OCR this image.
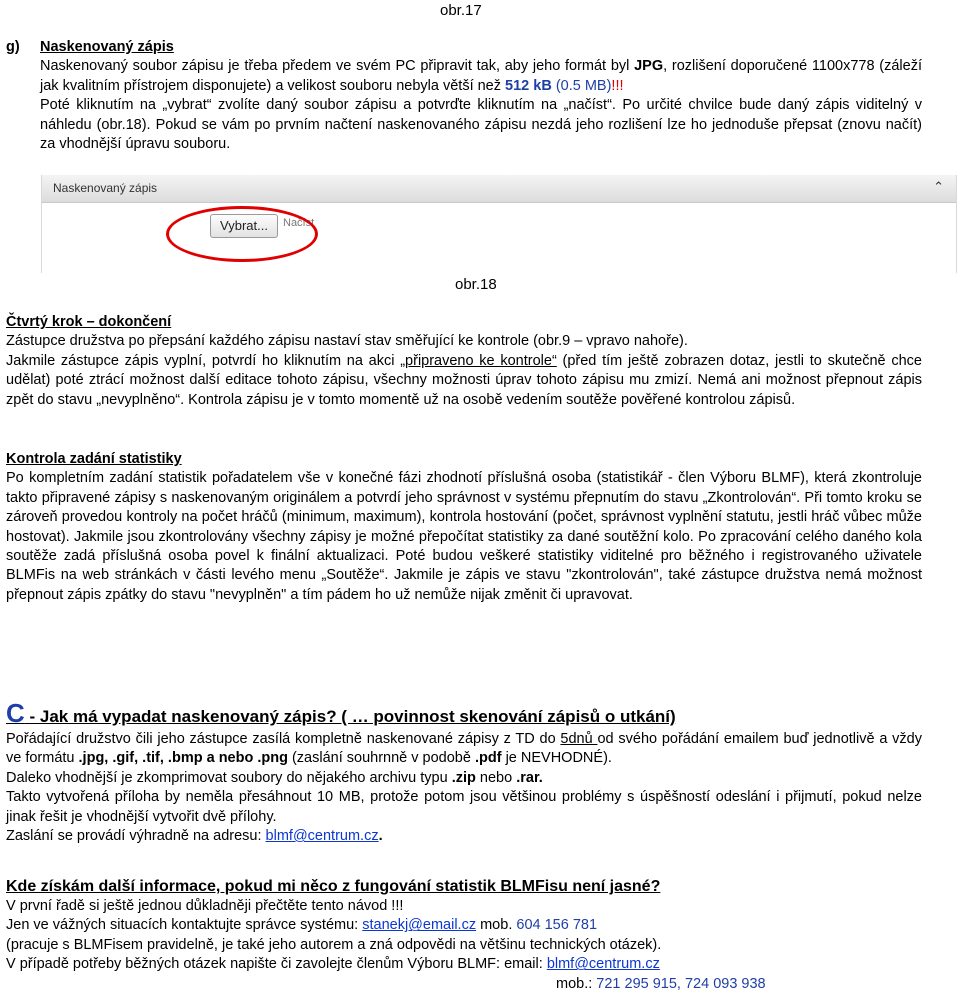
obr.17

g) Naskenovaný zápis

Naskenovaný soubor zápisu je třeba předem ve svém PC připravit tak, aby jeho formát byl JPG, rozlišení doporučené 1100x778 (záleží jak kvalitním přístrojem disponujete) a velikost souboru nebyla větší než 512 kB (0.5 MB)!!!

Poté kliknutím na „vybrat“ zvolíte daný soubor zápisu a potvrďte kliknutím na „načíst“. Po určité chvilce bude daný zápis viditelný v náhledu (obr.18). Pokud se vám po prvním načtení naskenovaného zápisu nezdá jeho rozlišení lze ho jednoduše přepsat (znovu načít) za vhodnější úpravu souboru.

Naskenovaný zápis	⌃
Vybrat...	Načíst
obr.18

Čtvrtý krok – dokončení

Zástupce družstva po přepsání každého zápisu nastaví stav směřující ke kontrole (obr.9 – vpravo nahoře).

Jakmile zástupce zápis vyplní, potvrdí ho kliknutím na akci „připraveno ke kontrole“ (před tím ještě zobrazen dotaz, jestli to skutečně chce udělat) poté ztrácí možnost další editace tohoto zápisu, všechny možnosti úprav tohoto zápisu mu zmizí. Nemá ani možnost přepnout zápis zpět do stavu „nevyplněno“. Kontrola zápisu je v tomto momentě už na osobě vedením soutěže pověřené kontrolou zápisů.

Kontrola zadání statistiky

Po kompletním zadání statistik pořadatelem vše v konečné fázi zhodnotí příslušná osoba (statistikář - člen Výboru BLMF), která zkontroluje takto připravené zápisy s naskenovaným originálem a potvrdí jeho správnost v systému přepnutím do stavu „Zkontrolován“. Při tomto kroku se zároveň provedou kontroly na počet hráčů (minimum, maximum), kontrola hostování (počet, správnost vyplnění statutu, jestli hráč vůbec může hostovat). Jakmile jsou zkontrolovány všechny zápisy je možné přepočítat statistiky za dané soutěžní kolo. Po zpracování celého daného kola soutěže zadá příslušná osoba povel k finální aktualizaci. Poté budou veškeré statistiky viditelné pro běžného i registrovaného uživatele BLMFis na web stránkách v části levého menu „Soutěže“. Jakmile je zápis ve stavu "zkontrolován", také zástupce družstva nemá možnost přepnout zápis zpátky do stavu "nevyplněn" a tím pádem ho už nemůže nijak změnit či upravovat.

C - Jak má vypadat naskenovaný zápis? ( … povinnost skenování zápisů o utkání)

Pořádající družstvo čili jeho zástupce zasílá kompletně naskenované zápisy z TD do 5dnů od svého pořádání emailem buď jednotlivě a vždy ve formátu .jpg, .gif, .tif, .bmp a nebo .png (zaslání souhrnně v podobě .pdf je NEVHODNÉ).

Daleko vhodnější je zkomprimovat soubory do nějakého archivu typu .zip nebo .rar.

Takto vytvořená příloha by neměla přesáhnout 10 MB, protože potom jsou většinou problémy s úspěšností odeslání i přijmutí, pokud nelze jinak řešit je vhodnější vytvořit dvě přílohy.

Zaslání se provádí výhradně na adresu: blmf@centrum.cz.

Kde získám další informace, pokud mi něco z fungování statistik BLMFisu není jasné?

V první řadě si ještě jednou důkladněji přečtěte tento návod !!!

Jen ve vážných situacích kontaktujte správce systému: stanekj@email.cz mob. 604 156 781

(pracuje s BLMFisem pravidelně, je také jeho autorem a zná odpovědi na většinu technických otázek).

V případě potřeby běžných otázek napište či zavolejte členům Výboru BLMF: email: blmf@centrum.cz

mob.: 721 295 915, 724 093 938
